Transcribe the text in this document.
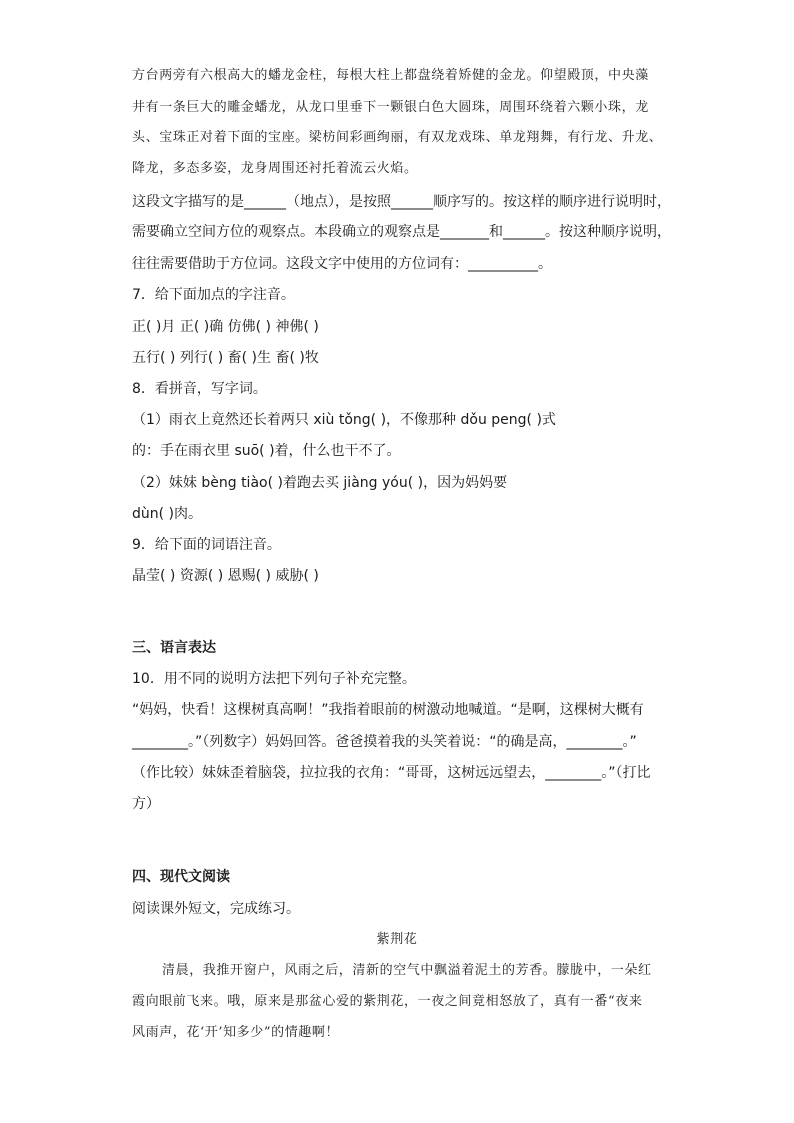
方台两旁有六根高大的蟠龙金柱，每根大柱上都盘绕着矫健的金龙。仰望殿顶，中央藻
井有一条巨大的雕金蟠龙，从龙口里垂下一颗银白色大圆珠，周围环绕着六颗小珠，龙
头、宝珠正对着下面的宝座。梁枋间彩画绚丽，有双龙戏珠、单龙翔舞，有行龙、升龙、
降龙，多态多姿，龙身周围还衬托着流云火焰。
这段文字描写的是______（地点），是按照______顺序写的。按这样的顺序进行说明时，
需要确立空间方位的观察点。本段确立的观察点是_______和______。按这种顺序说明，
往往需要借助于方位词。这段文字中使用的方位词有：__________。
7．给下面加点的字注音。
正( )月 正( )确 仿佛( ) 神佛( )
五行( ) 列行( ) 畜( )生 畜( )牧
8．看拼音，写字词。
（1）雨衣上竟然还长着两只 xiù tǒng( )，不像那种 dǒu peng( )式
的：手在雨衣里 suō( )着，什么也干不了。
（2）妹妹 bèng tiào( )着跑去买 jiàng yóu( )，因为妈妈要
dùn( )肉。
9．给下面的词语注音。
晶莹( ) 资源( ) 恩赐( ) 威胁( )
三、语言表达
10．用不同的说明方法把下列句子补充完整。
“妈妈，快看！这棵树真高啊！”我指着眼前的树激动地喊道。“是啊，这棵树大概有
________。”（列数字）妈妈回答。爸爸摸着我的头笑着说：“的确是高，________。”
（作比较）妹妹歪着脑袋，拉拉我的衣角：“哥哥，这树远远望去，________。”（打比
方）
四、现代文阅读
阅读课外短文，完成练习。
紫荆花
清晨，我推开窗户，风雨之后，清新的空气中飘溢着泥土的芳香。朦胧中，一朵红
霞向眼前飞来。哦，原来是那盆心爱的紫荆花，一夜之间竟相怒放了，真有一番“夜来
风雨声，花‘开’知多少”的情趣啊！
